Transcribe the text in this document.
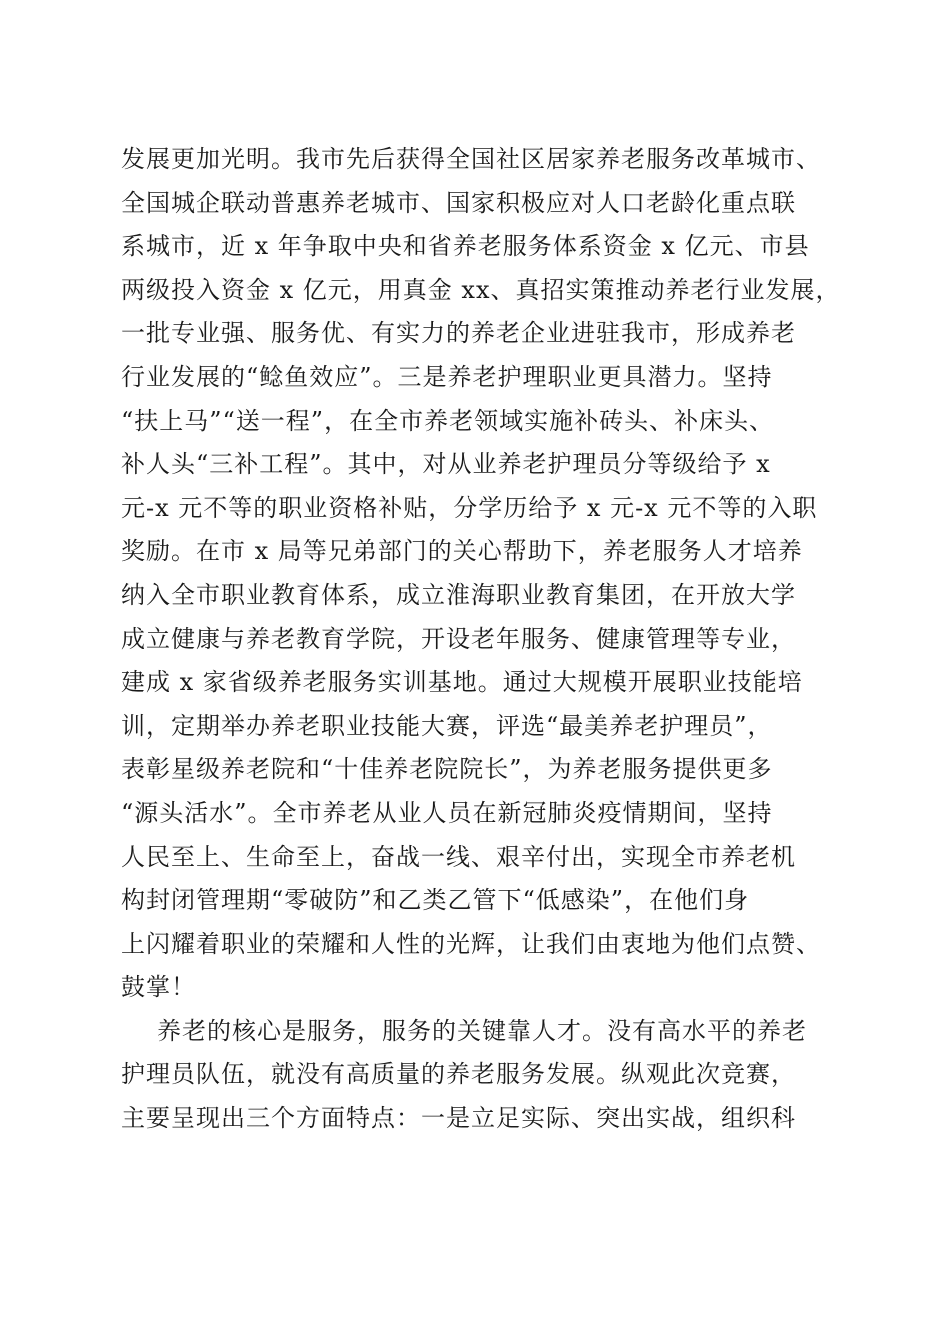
发展更加光明。我市先后获得全国社区居家养老服务改革城市、
全国城企联动普惠养老城市、国家积极应对人口老龄化重点联
系城市，近 x 年争取中央和省养老服务体系资金 x 亿元、市县
两级投入资金 x 亿元，用真金 xx、真招实策推动养老行业发展，
一批专业强、服务优、有实力的养老企业进驻我市，形成养老
行业发展的“鲶鱼效应”。三是养老护理职业更具潜力。坚持
“扶上马”“送一程”，在全市养老领域实施补砖头、补床头、
补人头“三补工程”。其中，对从业养老护理员分等级给予 x
元-x 元不等的职业资格补贴，分学历给予 x 元-x 元不等的入职
奖励。在市 x 局等兄弟部门的关心帮助下，养老服务人才培养
纳入全市职业教育体系，成立淮海职业教育集团，在开放大学
成立健康与养老教育学院，开设老年服务、健康管理等专业，
建成 x 家省级养老服务实训基地。通过大规模开展职业技能培
训，定期举办养老职业技能大赛，评选“最美养老护理员”，
表彰星级养老院和“十佳养老院院长”，为养老服务提供更多
“源头活水”。全市养老从业人员在新冠肺炎疫情期间，坚持
人民至上、生命至上，奋战一线、艰辛付出，实现全市养老机
构封闭管理期“零破防”和乙类乙管下“低感染”，在他们身
上闪耀着职业的荣耀和人性的光辉，让我们由衷地为他们点赞、
鼓掌！
养老的核心是服务，服务的关键靠人才。没有高水平的养老
护理员队伍，就没有高质量的养老服务发展。纵观此次竞赛，
主要呈现出三个方面特点：一是立足实际、突出实战，组织科
